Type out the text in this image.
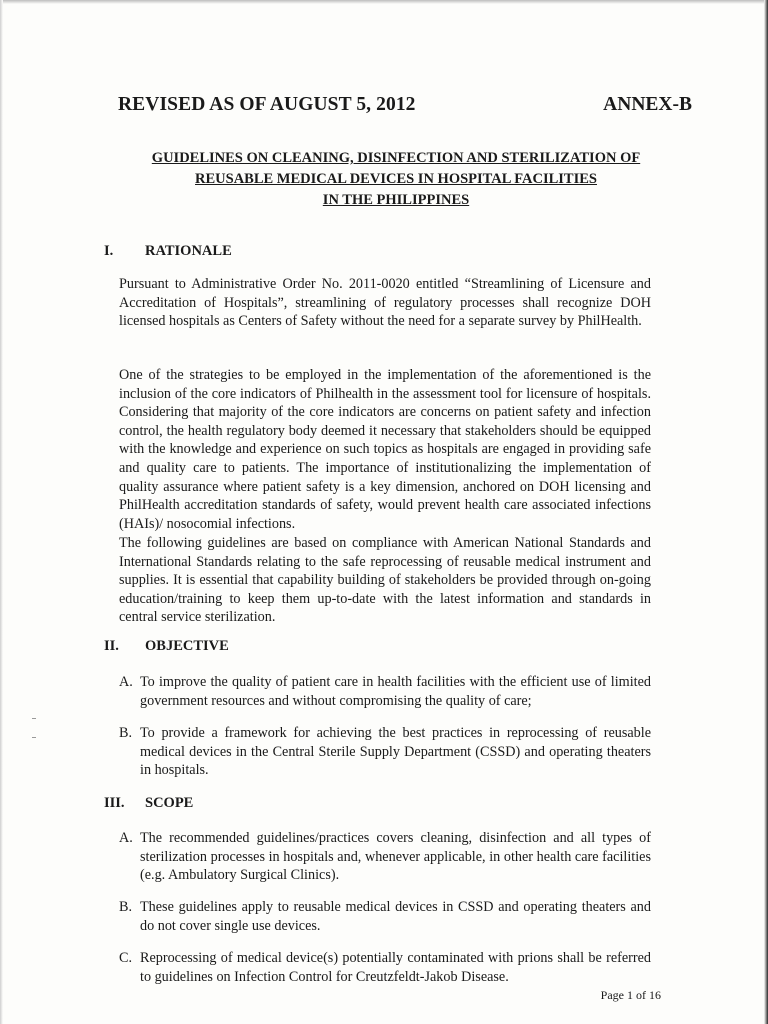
REVISED AS OF AUGUST 5, 2012	ANNEX-B
GUIDELINES ON CLEANING, DISINFECTION AND STERILIZATION OF
REUSABLE MEDICAL DEVICES IN HOSPITAL FACILITIES
IN THE PHILIPPINES
I. RATIONALE
Pursuant to Administrative Order No. 2011-0020 entitled “Streamlining of Licensure and Accreditation of Hospitals”, streamlining of regulatory processes shall recognize DOH licensed hospitals as Centers of Safety without the need for a separate survey by PhilHealth.
One of the strategies to be employed in the implementation of the aforementioned is the inclusion of the core indicators of Philhealth in the assessment tool for licensure of hospitals. Considering that majority of the core indicators are concerns on patient safety and infection control, the health regulatory body deemed it necessary that stakeholders should be equipped with the knowledge and experience on such topics as hospitals are engaged in providing safe and quality care to patients. The importance of institutionalizing the implementation of quality assurance where patient safety is a key dimension, anchored on DOH licensing and PhilHealth accreditation standards of safety, would prevent health care associated infections (HAIs)/ nosocomial infections.
The following guidelines are based on compliance with American National Standards and International Standards relating to the safe reprocessing of reusable medical instrument and supplies. It is essential that capability building of stakeholders be provided through on-going education/training to keep them up-to-date with the latest information and standards in central service sterilization.
II. OBJECTIVE
A. To improve the quality of patient care in health facilities with the efficient use of limited government resources and without compromising the quality of care;
B. To provide a framework for achieving the best practices in reprocessing of reusable medical devices in the Central Sterile Supply Department (CSSD) and operating theaters in hospitals.
III. SCOPE
A. The recommended guidelines/practices covers cleaning, disinfection and all types of sterilization processes in hospitals and, whenever applicable, in other health care facilities (e.g. Ambulatory Surgical Clinics).
B. These guidelines apply to reusable medical devices in CSSD and operating theaters and do not cover single use devices.
C. Reprocessing of medical device(s) potentially contaminated with prions shall be referred to guidelines on Infection Control for Creutzfeldt-Jakob Disease.
Page 1 of 16
